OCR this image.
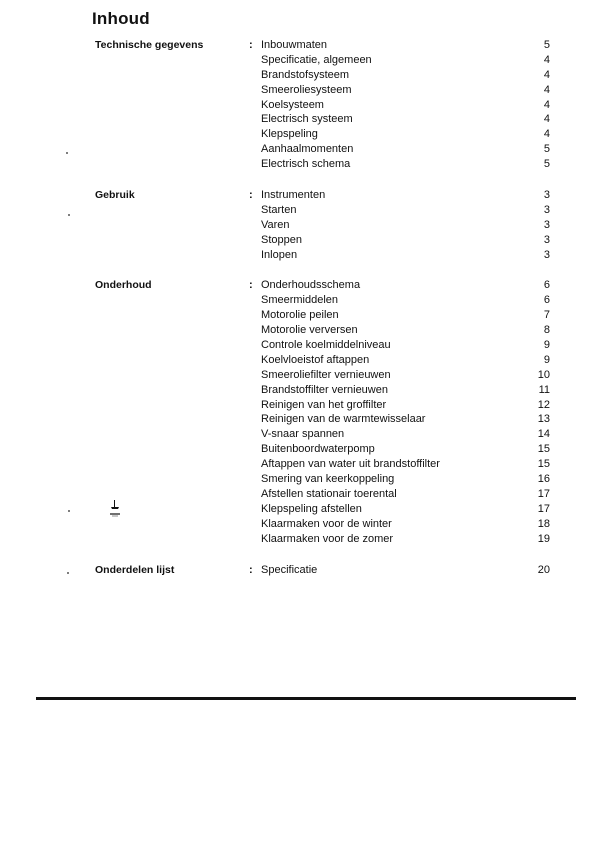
Inhoud
Technische gegevens	: Inbouwmaten	5
Specificatie, algemeen	4
Brandstofsysteem	4
Smeeroliesysteem	4
Koelsysteem	4
Electrisch systeem	4
Klepspeling	4
Aanhaalmomenten	5
Electrisch schema	5
Gebruik	: Instrumenten	3
Starten	3
Varen	3
Stoppen	3
Inlopen	3
Onderhoud	: Onderhoudsschema	6
Smeermiddelen	6
Motorolie peilen	7
Motorolie verversen	8
Controle koelmiddelniveau	9
Koelvloeistof aftappen	9
Smeeroliefilter vernieuwen	10
Brandstoffilter vernieuwen	11
Reinigen van het groffilter	12
Reinigen van de warmtewisselaar	13
V-snaar spannen	14
Buitenboordwaterpomp	15
Aftappen van water uit brandstoffilter	15
Smering van keerkoppeling	16
Afstellen stationair toerental	17
Klepspeling afstellen	17
Klaarmaken voor de winter	18
Klaarmaken voor de zomer	19
Onderdelen lijst	: Specificatie	20
